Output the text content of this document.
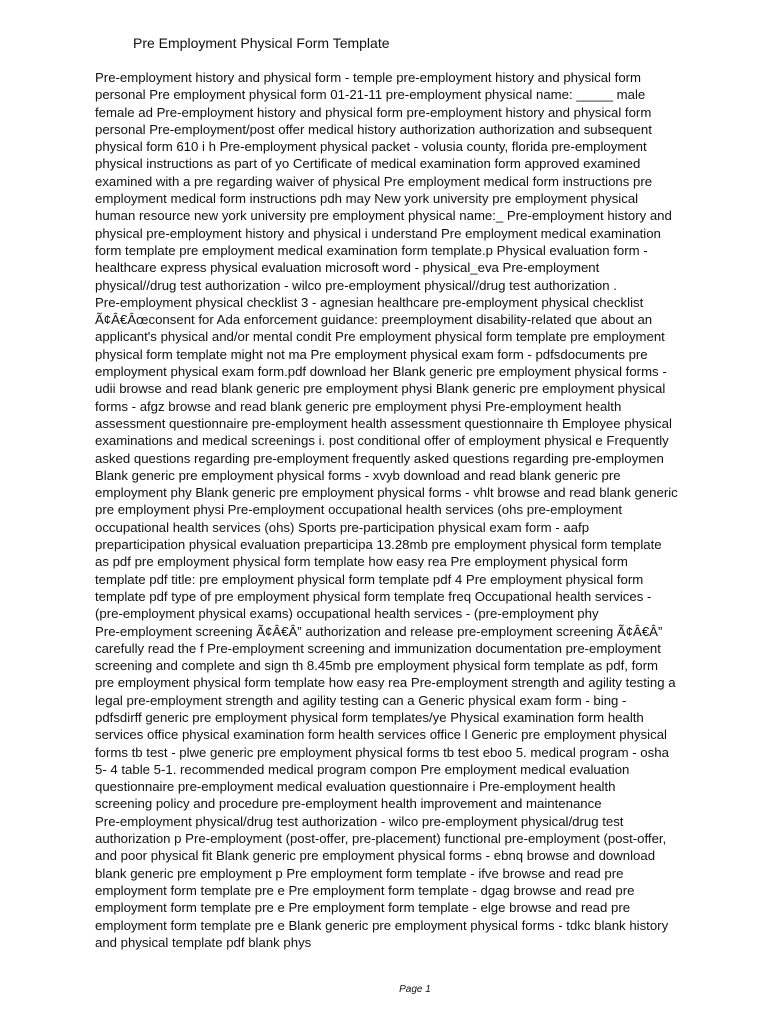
Pre Employment Physical Form Template
Pre-employment history and physical form - temple pre-employment history and physical form
personal Pre employment physical form 01-21-11 pre-employment physical name: _____ male
female ad Pre-employment history and physical form pre-employment history and physical form
personal Pre-employment/post offer medical history authorization authorization and subsequent
physical form 610 i h Pre-employment physical packet - volusia county, florida pre-employment
physical instructions as part of yo Certificate of medical examination form approved examined
examined with a pre regarding waiver of physical Pre employment medical form instructions pre
employment medical form instructions pdh may New york university pre employment physical
human resource new york university pre employment physical name:_ Pre-employment history and
physical pre-employment history and physical i understand Pre employment medical examination
form template pre employment medical examination form template.p Physical evaluation form -
healthcare express physical evaluation microsoft word - physical_eva Pre-employment
physical//drug test authorization - wilco pre-employment physical//drug test authorization .
Pre-employment physical checklist 3 - agnesian healthcare pre-employment physical checklist
Ã¢Â€Âœconsent for Ada enforcement guidance: preemployment disability-related que about an
applicant's physical and/or mental condit Pre employment physical form template pre employment
physical form template might not ma Pre employment physical exam form - pdfsdocuments pre
employment physical exam form.pdf download her Blank generic pre employment physical forms -
udii browse and read blank generic pre employment physi Blank generic pre employment physical
forms - afgz browse and read blank generic pre employment physi Pre-employment health
assessment questionnaire pre-employment health assessment questionnaire th Employee physical
examinations and medical screenings i. post conditional offer of employment physical e Frequently
asked questions regarding pre-employment frequently asked questions regarding pre-employmen
Blank generic pre employment physical forms - xvyb download and read blank generic pre
employment phy Blank generic pre employment physical forms - vhlt browse and read blank generic
pre employment physi Pre-employment occupational health services (ohs pre-employment
occupational health services (ohs) Sports pre-participation physical exam form - aafp
preparticipation physical evaluation preparticipa 13.28mb pre employment physical form template
as pdf pre employment physical form template how easy rea Pre employment physical form
template pdf title: pre employment physical form template pdf 4 Pre employment physical form
template pdf type of pre employment physical form template freq Occupational health services -
(pre-employment physical exams) occupational health services - (pre-employment phy
Pre-employment screening Ã¢Â€Â” authorization and release pre-employment screening Ã¢Â€Â”
carefully read the f Pre-employment screening and immunization documentation pre-employment
screening and complete and sign th 8.45mb pre employment physical form template as pdf, form
pre employment physical form template how easy rea Pre-employment strength and agility testing a
legal pre-employment strength and agility testing can a Generic physical exam form - bing -
pdfsdirff generic pre employment physical form templates/ye Physical examination form health
services office physical examination form health services office l Generic pre employment physical
forms tb test - plwe generic pre employment physical forms tb test eboo 5. medical program - osha
5- 4 table 5-1. recommended medical program compon Pre employment medical evaluation
questionnaire pre-employment medical evaluation questionnaire i Pre-employment health
screening policy and procedure pre-employment health improvement and maintenance
Pre-employment physical/drug test authorization - wilco pre-employment physical/drug test
authorization p Pre-employment (post-offer, pre-placement) functional pre-employment (post-offer,
and poor physical fit Blank generic pre employment physical forms - ebnq browse and download
blank generic pre employment p Pre employment form template - ifve browse and read pre
employment form template pre e Pre employment form template - dgag browse and read pre
employment form template pre e Pre employment form template - elge browse and read pre
employment form template pre e Blank generic pre employment physical forms - tdkc blank history
and physical template pdf blank phys
Page 1
